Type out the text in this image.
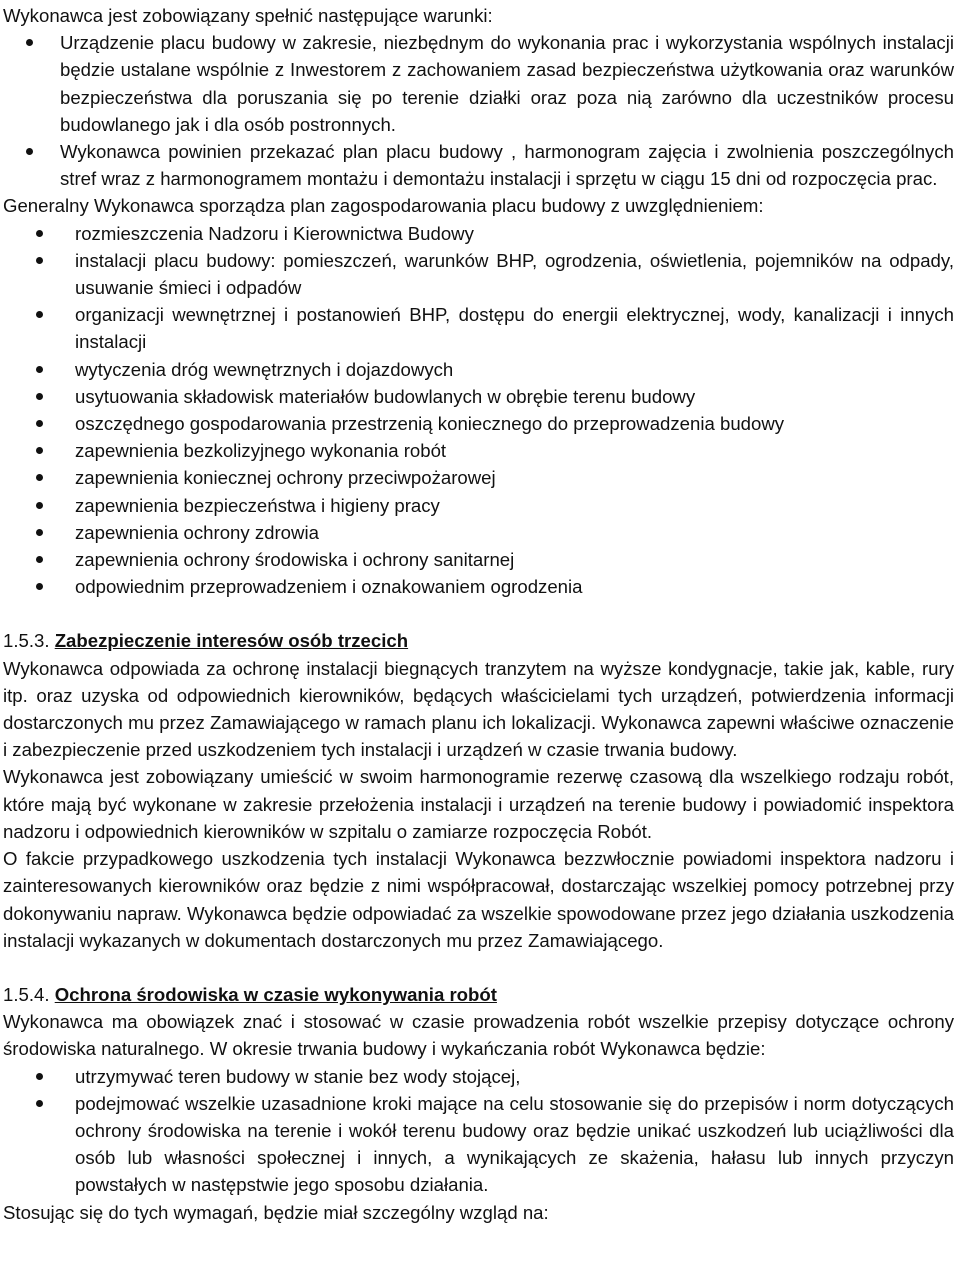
Wykonawca jest zobowiązany spełnić następujące warunki:

Urządzenie placu budowy w zakresie, niezbędnym do wykonania prac i wykorzystania wspólnych instalacji będzie ustalane wspólnie z Inwestorem z zachowaniem zasad bezpieczeństwa użytkowania oraz warunków bezpieczeństwa dla poruszania się po terenie działki oraz poza nią zarówno dla uczestników procesu budowlanego jak i dla osób postronnych.
Wykonawca powinien przekazać plan placu budowy , harmonogram zajęcia i zwolnienia poszczególnych stref wraz z harmonogramem montażu i demontażu instalacji i sprzętu w ciągu 15 dni od rozpoczęcia prac.

Generalny Wykonawca sporządza plan zagospodarowania placu budowy z uwzględnieniem:

rozmieszczenia Nadzoru i Kierownictwa Budowy
instalacji placu budowy: pomieszczeń, warunków BHP, ogrodzenia, oświetlenia, pojemników na odpady, usuwanie śmieci i odpadów
organizacji wewnętrznej i postanowień BHP, dostępu do energii elektrycznej, wody, kanalizacji i innych instalacji
wytyczenia dróg wewnętrznych i dojazdowych
usytuowania składowisk materiałów budowlanych w obrębie terenu budowy
oszczędnego gospodarowania przestrzenią koniecznego do przeprowadzenia budowy
zapewnienia bezkolizyjnego wykonania robót
zapewnienia koniecznej ochrony przeciwpożarowej
zapewnienia bezpieczeństwa i higieny pracy
zapewnienia ochrony zdrowia
zapewnienia ochrony środowiska i ochrony sanitarnej
odpowiednim przeprowadzeniem i oznakowaniem ogrodzenia
1.5.3. Zabezpieczenie interesów osób trzecich

Wykonawca odpowiada za ochronę instalacji biegnących tranzytem na wyższe kondygnacje, takie jak, kable, rury itp. oraz uzyska od odpowiednich kierowników, będących właścicielami tych urządzeń, potwierdzenia informacji dostarczonych mu przez Zamawiającego w ramach planu ich lokalizacji. Wykonawca zapewni właściwe oznaczenie i zabezpieczenie przed uszkodzeniem tych instalacji i urządzeń w czasie trwania budowy.

Wykonawca jest zobowiązany umieścić w swoim harmonogramie rezerwę czasową dla wszelkiego rodzaju robót, które mają być wykonane w zakresie przełożenia instalacji i urządzeń na terenie budowy i powiadomić inspektora nadzoru i odpowiednich kierowników w szpitalu o zamiarze rozpoczęcia Robót.

O fakcie przypadkowego uszkodzenia tych instalacji Wykonawca bezzwłocznie powiadomi inspektora nadzoru i zainteresowanych kierowników oraz będzie z nimi współpracował, dostarczając wszelkiej pomocy potrzebnej przy dokonywaniu napraw. Wykonawca będzie odpowiadać za wszelkie spowodowane przez jego działania uszkodzenia instalacji wykazanych w dokumentach dostarczonych mu przez Zamawiającego.

1.5.4. Ochrona środowiska w czasie wykonywania robót

Wykonawca ma obowiązek znać i stosować w czasie prowadzenia robót wszelkie przepisy dotyczące ochrony środowiska naturalnego. W okresie trwania budowy i wykańczania robót Wykonawca będzie:

utrzymywać teren budowy w stanie bez wody stojącej,
podejmować wszelkie uzasadnione kroki mające na celu stosowanie się do przepisów i norm dotyczących ochrony środowiska na terenie i wokół terenu budowy oraz będzie unikać uszkodzeń lub uciążliwości dla osób lub własności społecznej i innych, a wynikających ze skażenia, hałasu lub innych przyczyn powstałych w następstwie jego sposobu działania.

Stosując się do tych wymagań, będzie miał szczególny wzgląd na:
